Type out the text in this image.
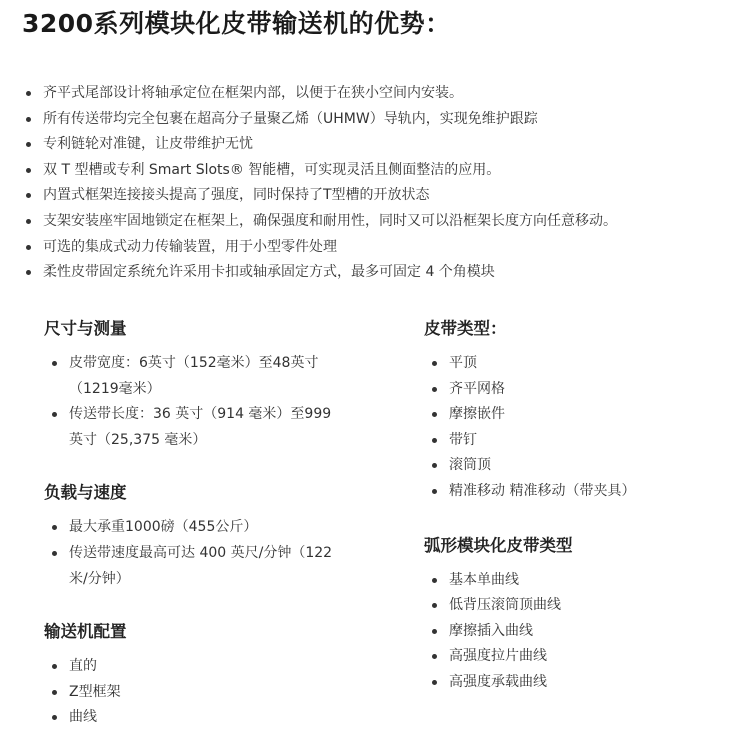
3200系列模块化皮带输送机的优势：
齐平式尾部设计将轴承定位在框架内部，以便于在狭小空间内安装。
所有传送带均完全包裹在超高分子量聚乙烯（UHMW）导轨内，实现免维护跟踪
专利链轮对准键，让皮带维护无忧
双 T 型槽或专利 Smart Slots® 智能槽，可实现灵活且侧面整洁的应用。
内置式框架连接接头提高了强度，同时保持了T型槽的开放状态
支架安装座牢固地锁定在框架上，确保强度和耐用性，同时又可以沿框架长度方向任意移动。
可选的集成式动力传输装置，用于小型零件处理
柔性皮带固定系统允许采用卡扣或轴承固定方式，最多可固定 4 个角模块
尺寸与测量
皮带宽度：6英寸（152毫米）至48英寸（1219毫米）
传送带长度：36 英寸（914 毫米）至999 英寸（25,375 毫米）
负载与速度
最大承重1000磅（455公斤）
传送带速度最高可达 400 英尺/分钟（122 米/分钟）
输送机配置
直的
Z型框架
曲线
皮带类型：
平顶
齐平网格
摩擦嵌件
带钉
滚筒顶
精准移动 精准移动（带夹具）
弧形模块化皮带类型
基本单曲线
低背压滚筒顶曲线
摩擦插入曲线
高强度拉片曲线
高强度承载曲线
